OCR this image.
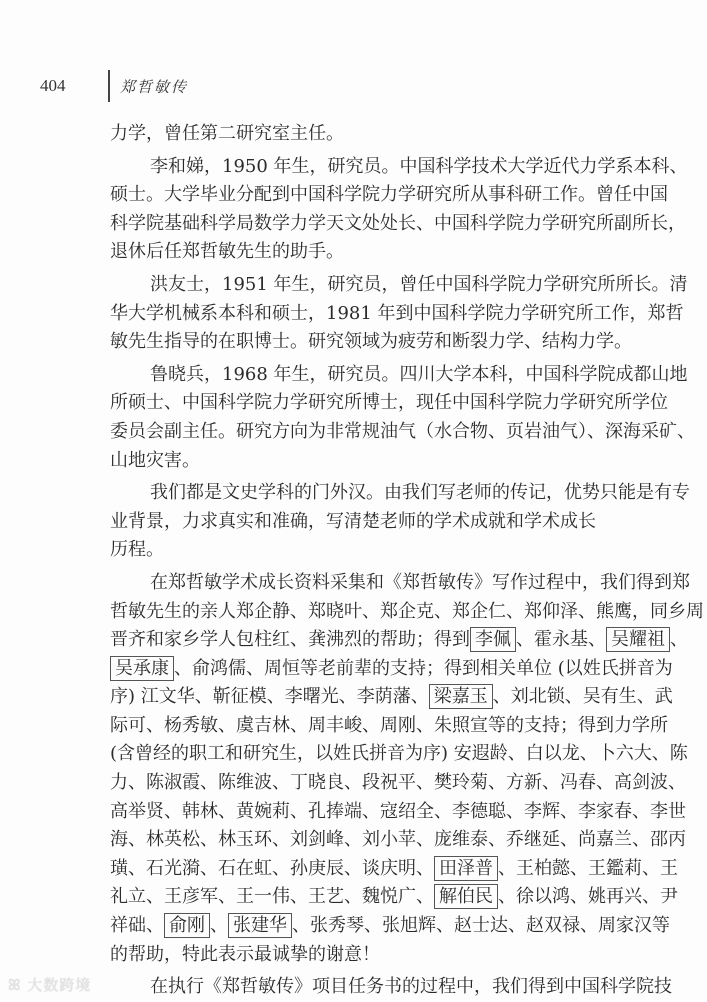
404	郑哲敏传
力学，曾任第二研究室主任。
李和娣，1950 年生，研究员。中国科学技术大学近代力学系本科、
硕士。大学毕业分配到中国科学院力学研究所从事科研工作。曾任中国
科学院基础科学局数学力学天文处处长、中国科学院力学研究所副所长，
退休后任郑哲敏先生的助手。
洪友士，1951 年生，研究员，曾任中国科学院力学研究所所长。清
华大学机械系本科和硕士，1981 年到中国科学院力学研究所工作，郑哲
敏先生指导的在职博士。研究领域为疲劳和断裂力学、结构力学。
鲁晓兵，1968 年生，研究员。四川大学本科，中国科学院成都山地
所硕士、中国科学院力学研究所博士，现任中国科学院力学研究所学位
委员会副主任。研究方向为非常规油气（水合物、页岩油气）、深海采矿、
山地灾害。
我们都是文史学科的门外汉。由我们写老师的传记，优势只能是有专
业背景，力求真实和准确，写清楚老师的学术成就和学术成长
历程。
在郑哲敏学术成长资料采集和《郑哲敏传》写作过程中，我们得到郑
哲敏先生的亲人郑企静、郑晓叶、郑企克、郑企仁、郑仰泽、熊鹰，同乡周
晋齐和家乡学人包柱红、龚沸烈的帮助；得到 李佩 、霍永基、 吴耀祖 、
吴承康 、俞鸿儒、周恒等老前辈的支持；得到相关单位 (以姓氏拼音为
序) 江文华、靳征模、李曙光、李荫藩、 梁嘉玉 、刘北锁、吴有生、武
际可、杨秀敏、虞吉林、周丰峻、周刚、朱照宣等的支持；得到力学所
(含曾经的职工和研究生，以姓氏拼音为序) 安遐龄、白以龙、卜六大、陈
力、陈淑霞、陈维波、丁晓良、段祝平、樊玲菊、方新、冯春、高剑波、
高举贤、韩林、黄婉莉、孔捧端、寇绍全、李德聪、李辉、李家春、李世
海、林英松、林玉环、刘剑峰、刘小苹、庞维泰、乔继延、尚嘉兰、邵丙
璜、石光漪、石在虹、孙庚辰、谈庆明、 田泽普 、王柏懿、王鑑莉、王
礼立、王彦军、王一伟、王艺、魏悦广、 解伯民 、徐以鸿、姚再兴、尹
祥础、 俞刚 、 张建华 、张秀琴、张旭辉、赵士达、赵双禄、周家汉等
的帮助，特此表示最诚挚的谢意！
在执行《郑哲敏传》项目任务书的过程中，我们得到中国科学院技
ꕤ 大数跨境
